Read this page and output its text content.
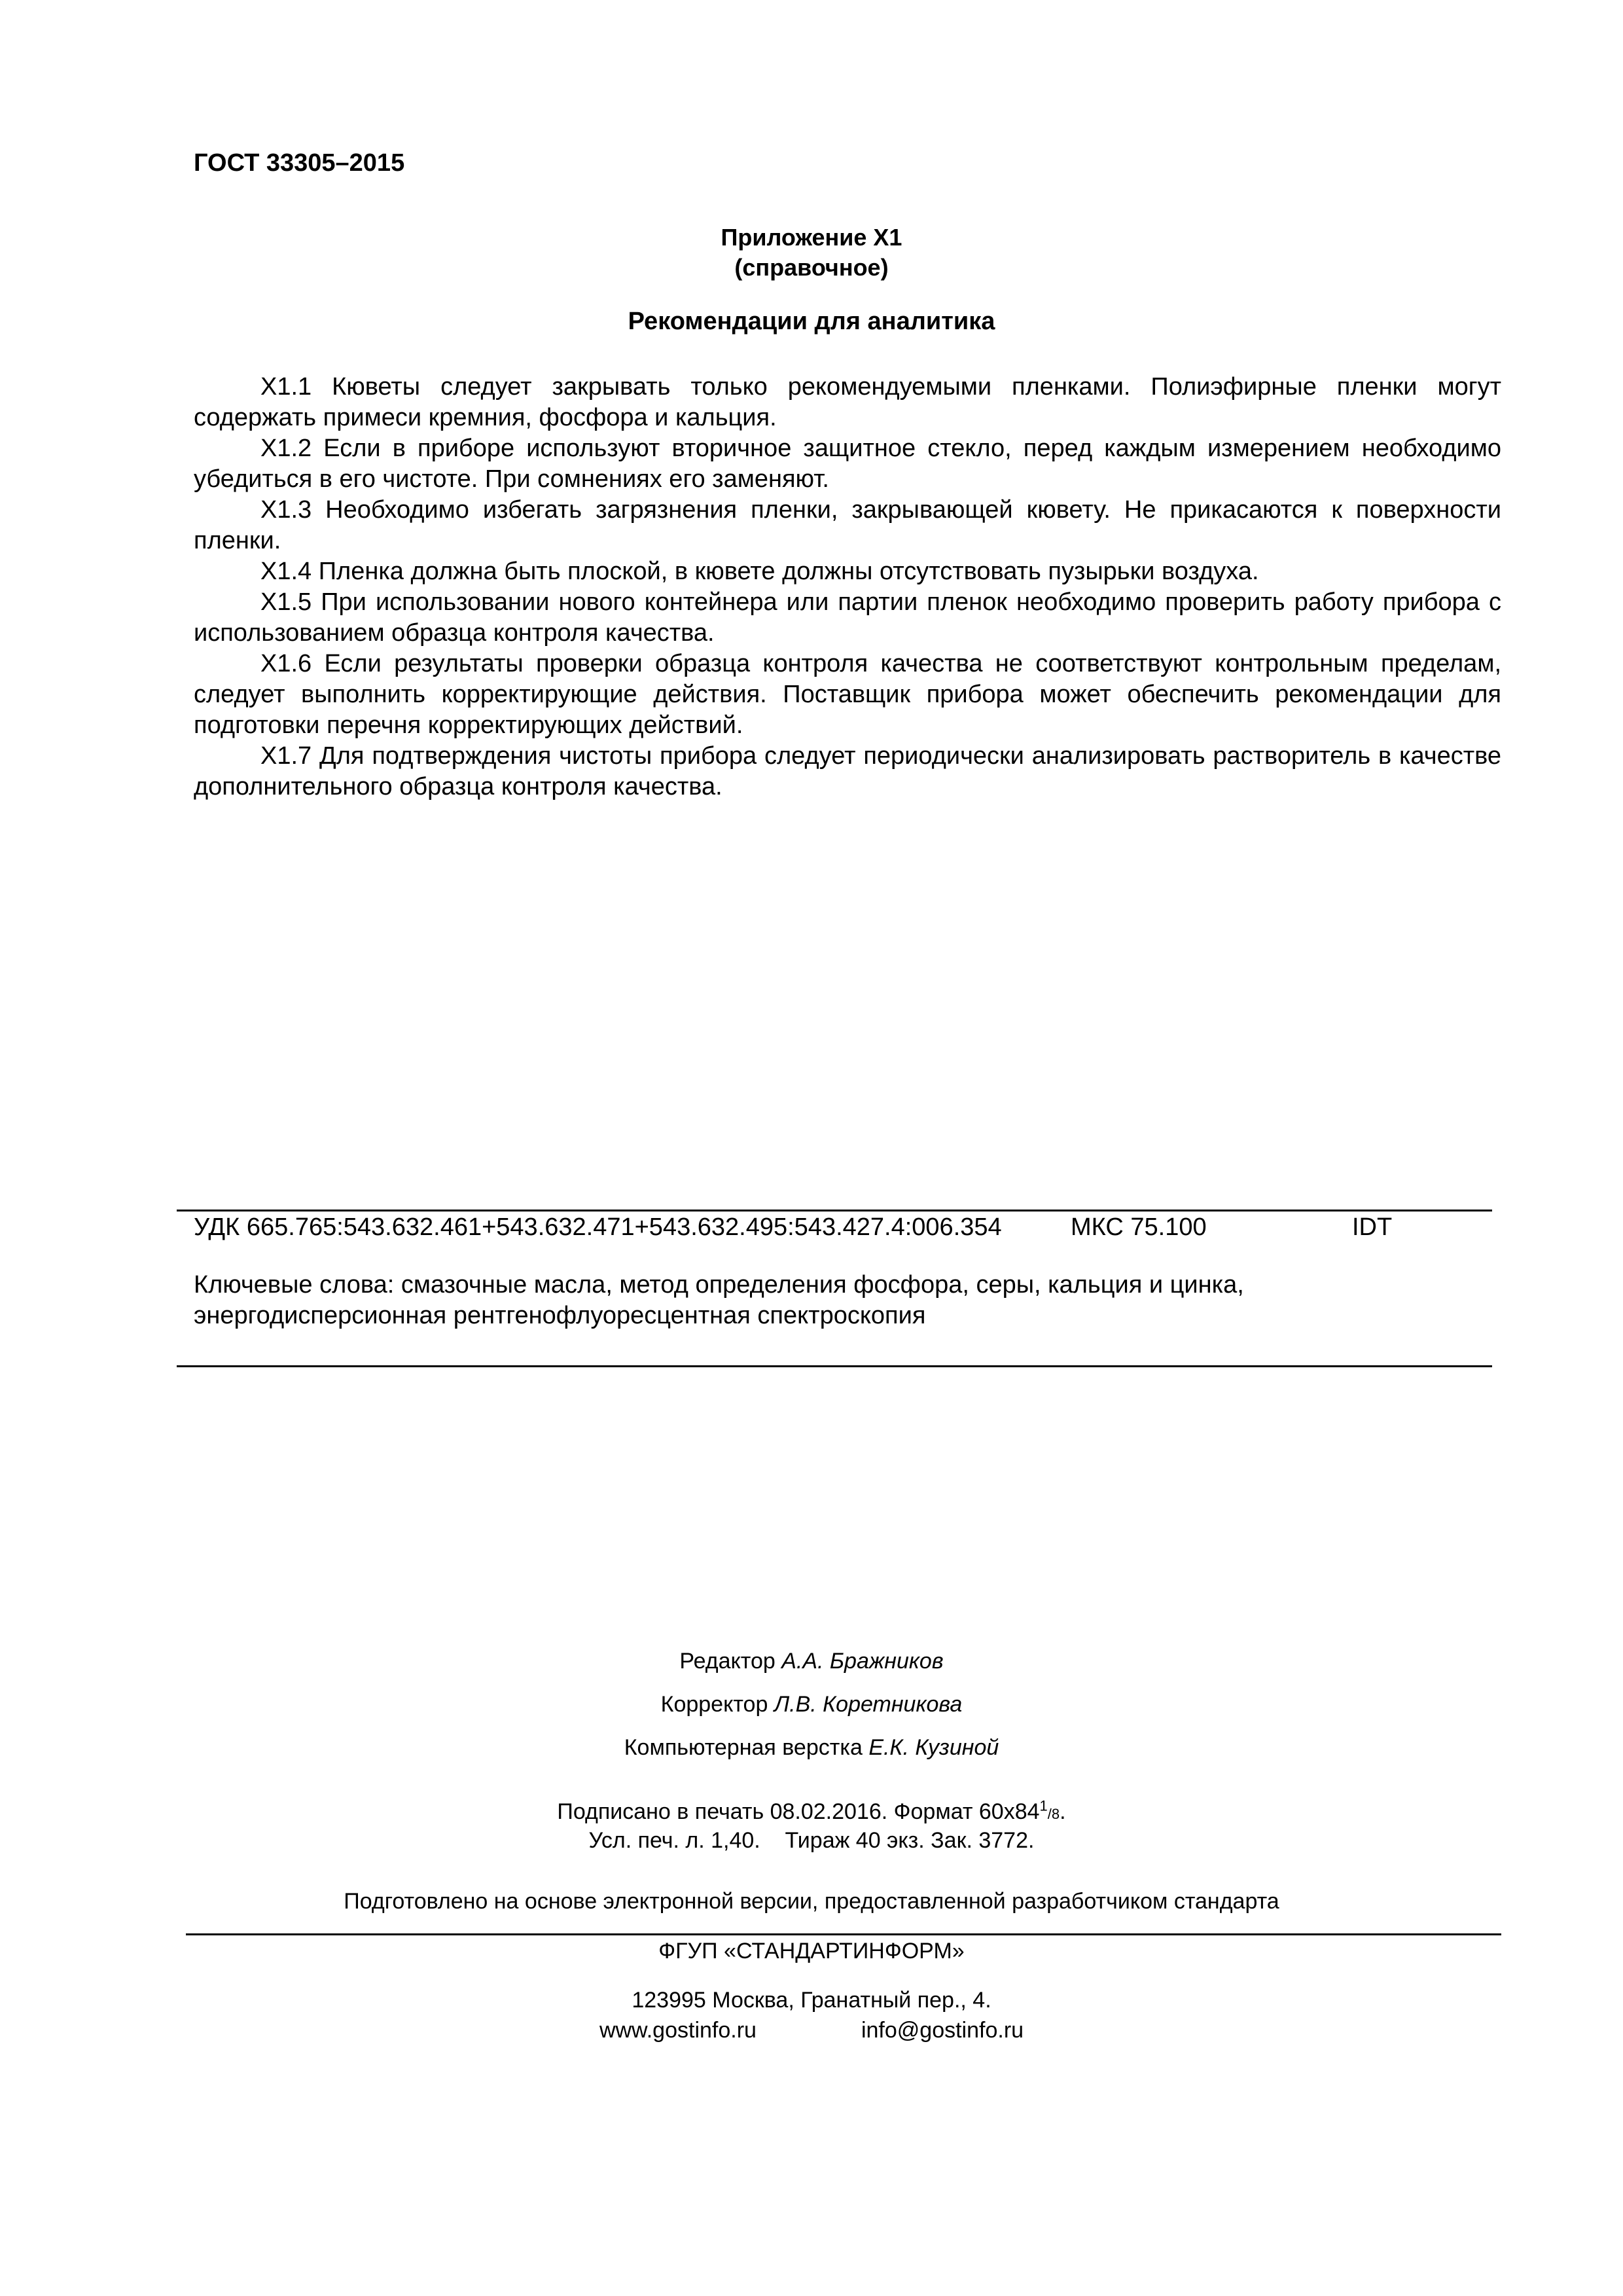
ГОСТ 33305–2015
Приложение Х1
(справочное)
Рекомендации для аналитика

Х1.1 Кюветы следует закрывать только рекомендуемыми пленками. Полиэфирные пленки могут содержать примеси кремния, фосфора и кальция.

Х1.2 Если в приборе используют вторичное защитное стекло, перед каждым измерением необходимо убедиться в его чистоте. При сомнениях его заменяют.

Х1.3 Необходимо избегать загрязнения пленки, закрывающей кювету. Не прикасаются к поверхности пленки.

Х1.4 Пленка должна быть плоской, в кювете должны отсутствовать пузырьки воздуха.

Х1.5 При использовании нового контейнера или партии пленок необходимо проверить работу прибора с использованием образца контроля качества.

Х1.6 Если результаты проверки образца контроля качества не соответствуют контрольным пределам, следует выполнить корректирующие действия. Поставщик прибора может обеспечить рекомендации для подготовки перечня корректирующих действий.

Х1.7 Для подтверждения чистоты прибора следует периодически анализировать растворитель в качестве дополнительного образца контроля качества.

УДК 665.765:543.632.461+543.632.471+543.632.495:543.427.4:006.354	МКС 75.100	IDT
Ключевые слова: смазочные масла, метод определения фосфора, серы, кальция и цинка,
энергодисперсионная рентгенофлуоресцентная спектроскопия
Редактор А.А. Бражников
Корректор Л.В. Коретникова
Компьютерная верстка Е.К. Кузиной
Подписано в печать 08.02.2016. Формат $60х84^1/8$.
Усл. печ. л. 1,40.    Тираж 40 экз. Зак. 3772.
Подготовлено на основе электронной версии, предоставленной разработчиком стандарта
ФГУП «СТАНДАРТИНФОРМ»
123995 Москва, Гранатный пер., 4.
www.gostinfo.ru	info@gostinfo.ru
